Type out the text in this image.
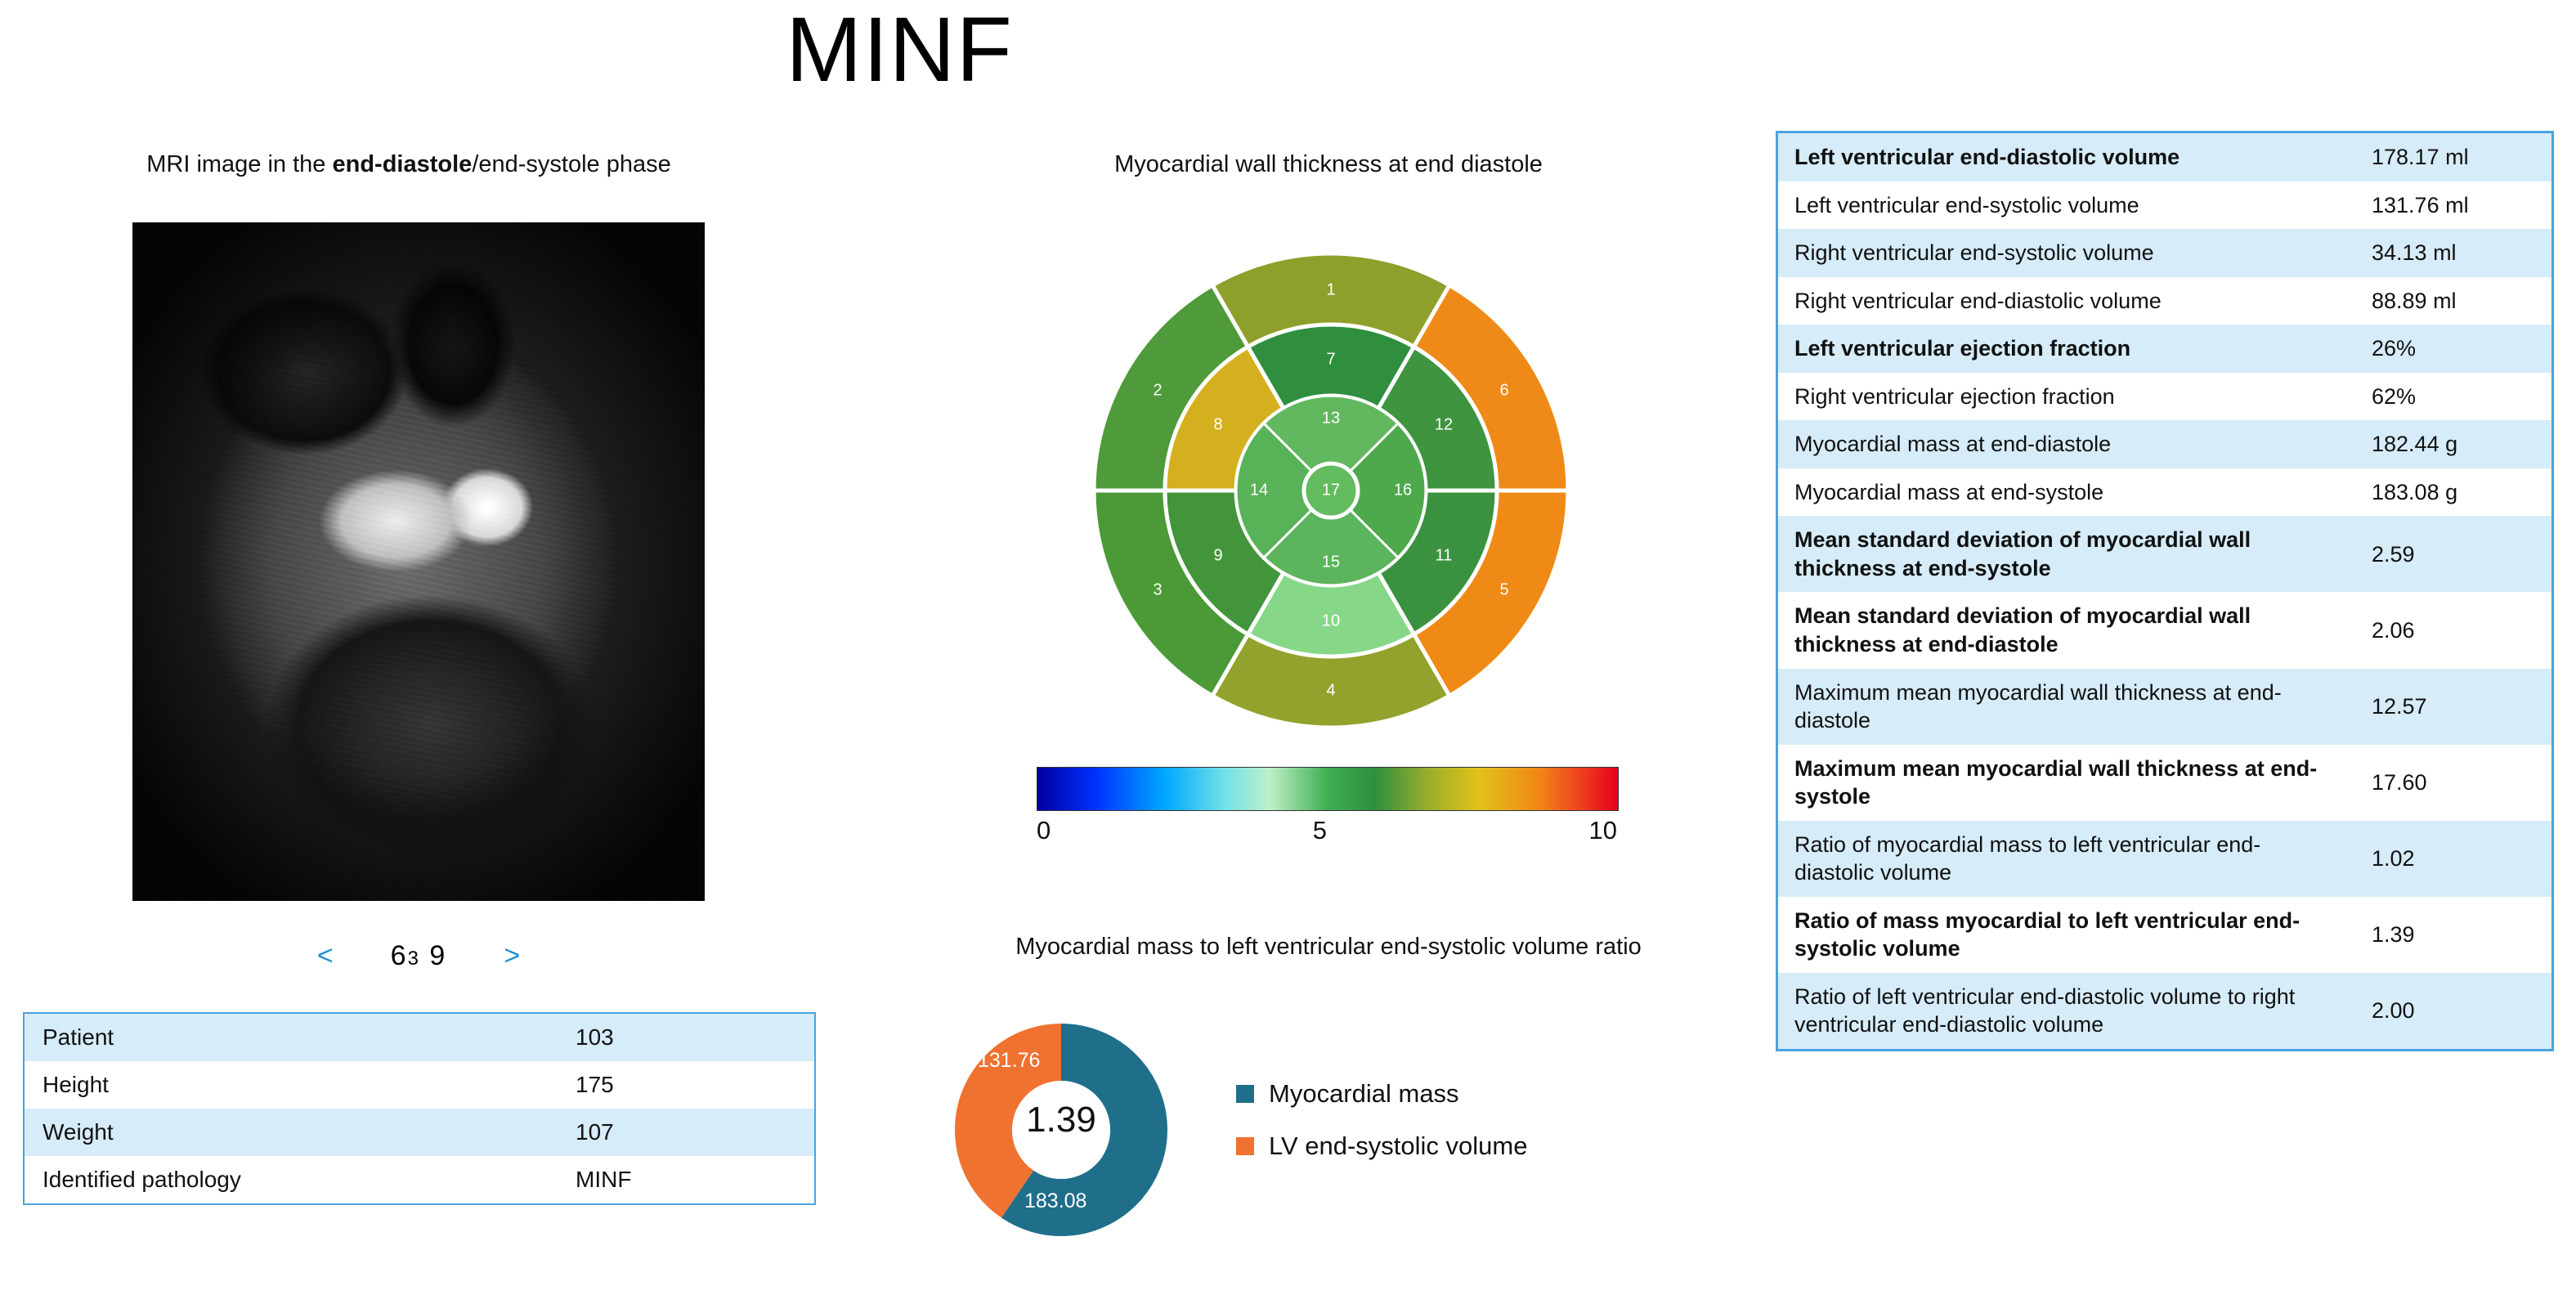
MINF
MRI image in the end-diastole/end-systole phase
< 63 9 >
Patient	103
Height	175
Weight	107
Identified pathology	MINF
Myocardial wall thickness at end diastole
1
2
3
4
5
6
7
8
9
10
11
12
13
14
15
16
17
0	5	10
Myocardial mass to left ventricular end-systolic volume ratio
1.39
131.76
183.08
Myocardial mass
LV end-systolic volume
Left ventricular end-diastolic volume	178.17 ml
Left ventricular end-systolic volume	131.76 ml
Right ventricular end-systolic volume	34.13 ml
Right ventricular end-diastolic volume	88.89 ml
Left ventricular ejection fraction	26%
Right ventricular ejection fraction	62%
Myocardial mass at end-diastole	182.44 g
Myocardial mass at end-systole	183.08 g
Mean standard deviation of myocardial wall thickness at end-systole	2.59
Mean standard deviation of myocardial wall thickness at end-diastole	2.06
Maximum mean myocardial wall thickness at end-diastole	12.57
Maximum mean myocardial wall thickness at end-systole	17.60
Ratio of myocardial mass to left ventricular end-diastolic volume	1.02
Ratio of mass myocardial to left ventricular end-systolic volume	1.39
Ratio of left ventricular end-diastolic volume to right ventricular end-diastolic volume	2.00
